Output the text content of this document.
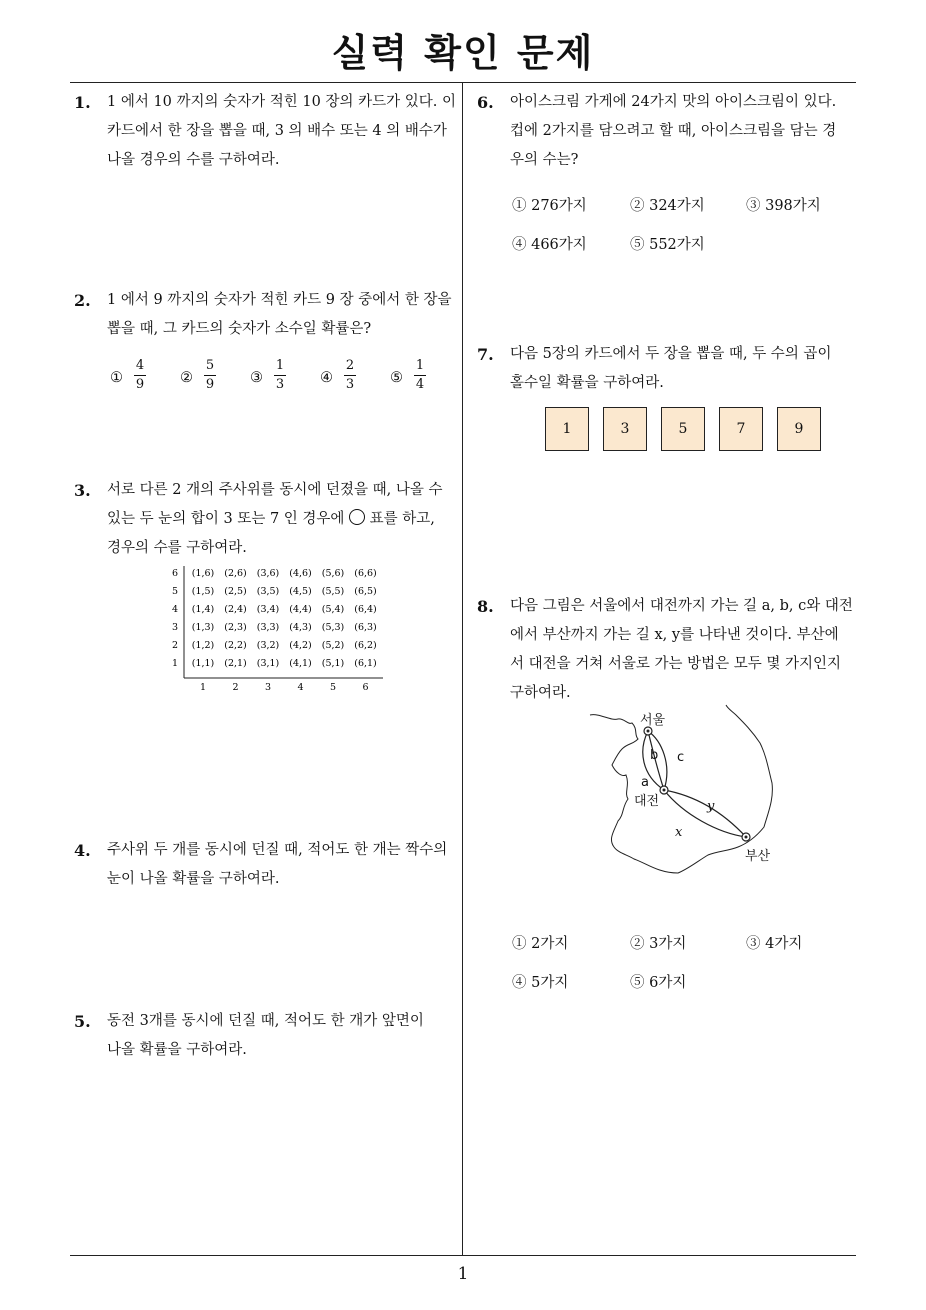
실력 확인 문제
1
1. 1 에서 10 까지의 숫자가 적힌 10 장의 카드가 있다. 이
카드에서 한 장을 뽑을 때, 3 의 배수 또는 4 의 배수가
나올 경우의 수를 구하여라.
2. 1 에서 9 까지의 숫자가 적힌 카드 9 장 중에서 한 장을
뽑을 때, 그 카드의 숫자가 소수일 확률은?
①
4
9 ②
5
9 ③
1
3 ④
2
3 ⑤
1
4
3. 서로 다른 2 개의 주사위를 동시에 던졌을 때, 나올 수
있는 두 눈의 합이 3 또는 7 인 경우에 ○ 표를 하고,
경우의 수를 구하여라.
6 (1,6) (2,6) (3,6) (4,6) (5,6) (6,6)
5 (1,5) (2,5) (3,5) (4,5) (5,5) (6,5)
4 (1,4) (2,4) (3,4) (4,4) (5,4) (6,4)
3 (1,3) (2,3) (3,3) (4,3) (5,3) (6,3)
2 (1,2) (2,2) (3,2) (4,2) (5,2) (6,2)
1 (1,1) (2,1) (3,1) (4,1) (5,1) (6,1)
1	2	3	4	5	6
4. 주사위 두 개를 동시에 던질 때, 적어도 한 개는 짝수의
눈이 나올 확률을 구하여라.
5. 동전 3개를 동시에 던질 때, 적어도 한 개가 앞면이
나올 확률을 구하여라.
6. 아이스크림 가게에 24가지 맛의 아이스크림이 있다.
컵에 2가지를 담으려고 할 때, 아이스크림을 담는 경
우의 수는?
① 276가지	② 324가지	③ 398가지
④ 466가지	⑤ 552가지
7. 다음 5장의 카드에서 두 장을 뽑을 때, 두 수의 곱이
홀수일 확률을 구하여라.
1	3	5	7	9
8. 다음 그림은 서울에서 대전까지 가는 길 a, b, c와 대전
에서 부산까지 가는 길 x, y를 나타낸 것이다. 부산에
서 대전을 거쳐 서울로 가는 방법은 모두 몇 가지인지
구하여라.
서울
대전
부산
a
b c
x
y
① 2가지	② 3가지	③ 4가지
④ 5가지	⑤ 6가지
